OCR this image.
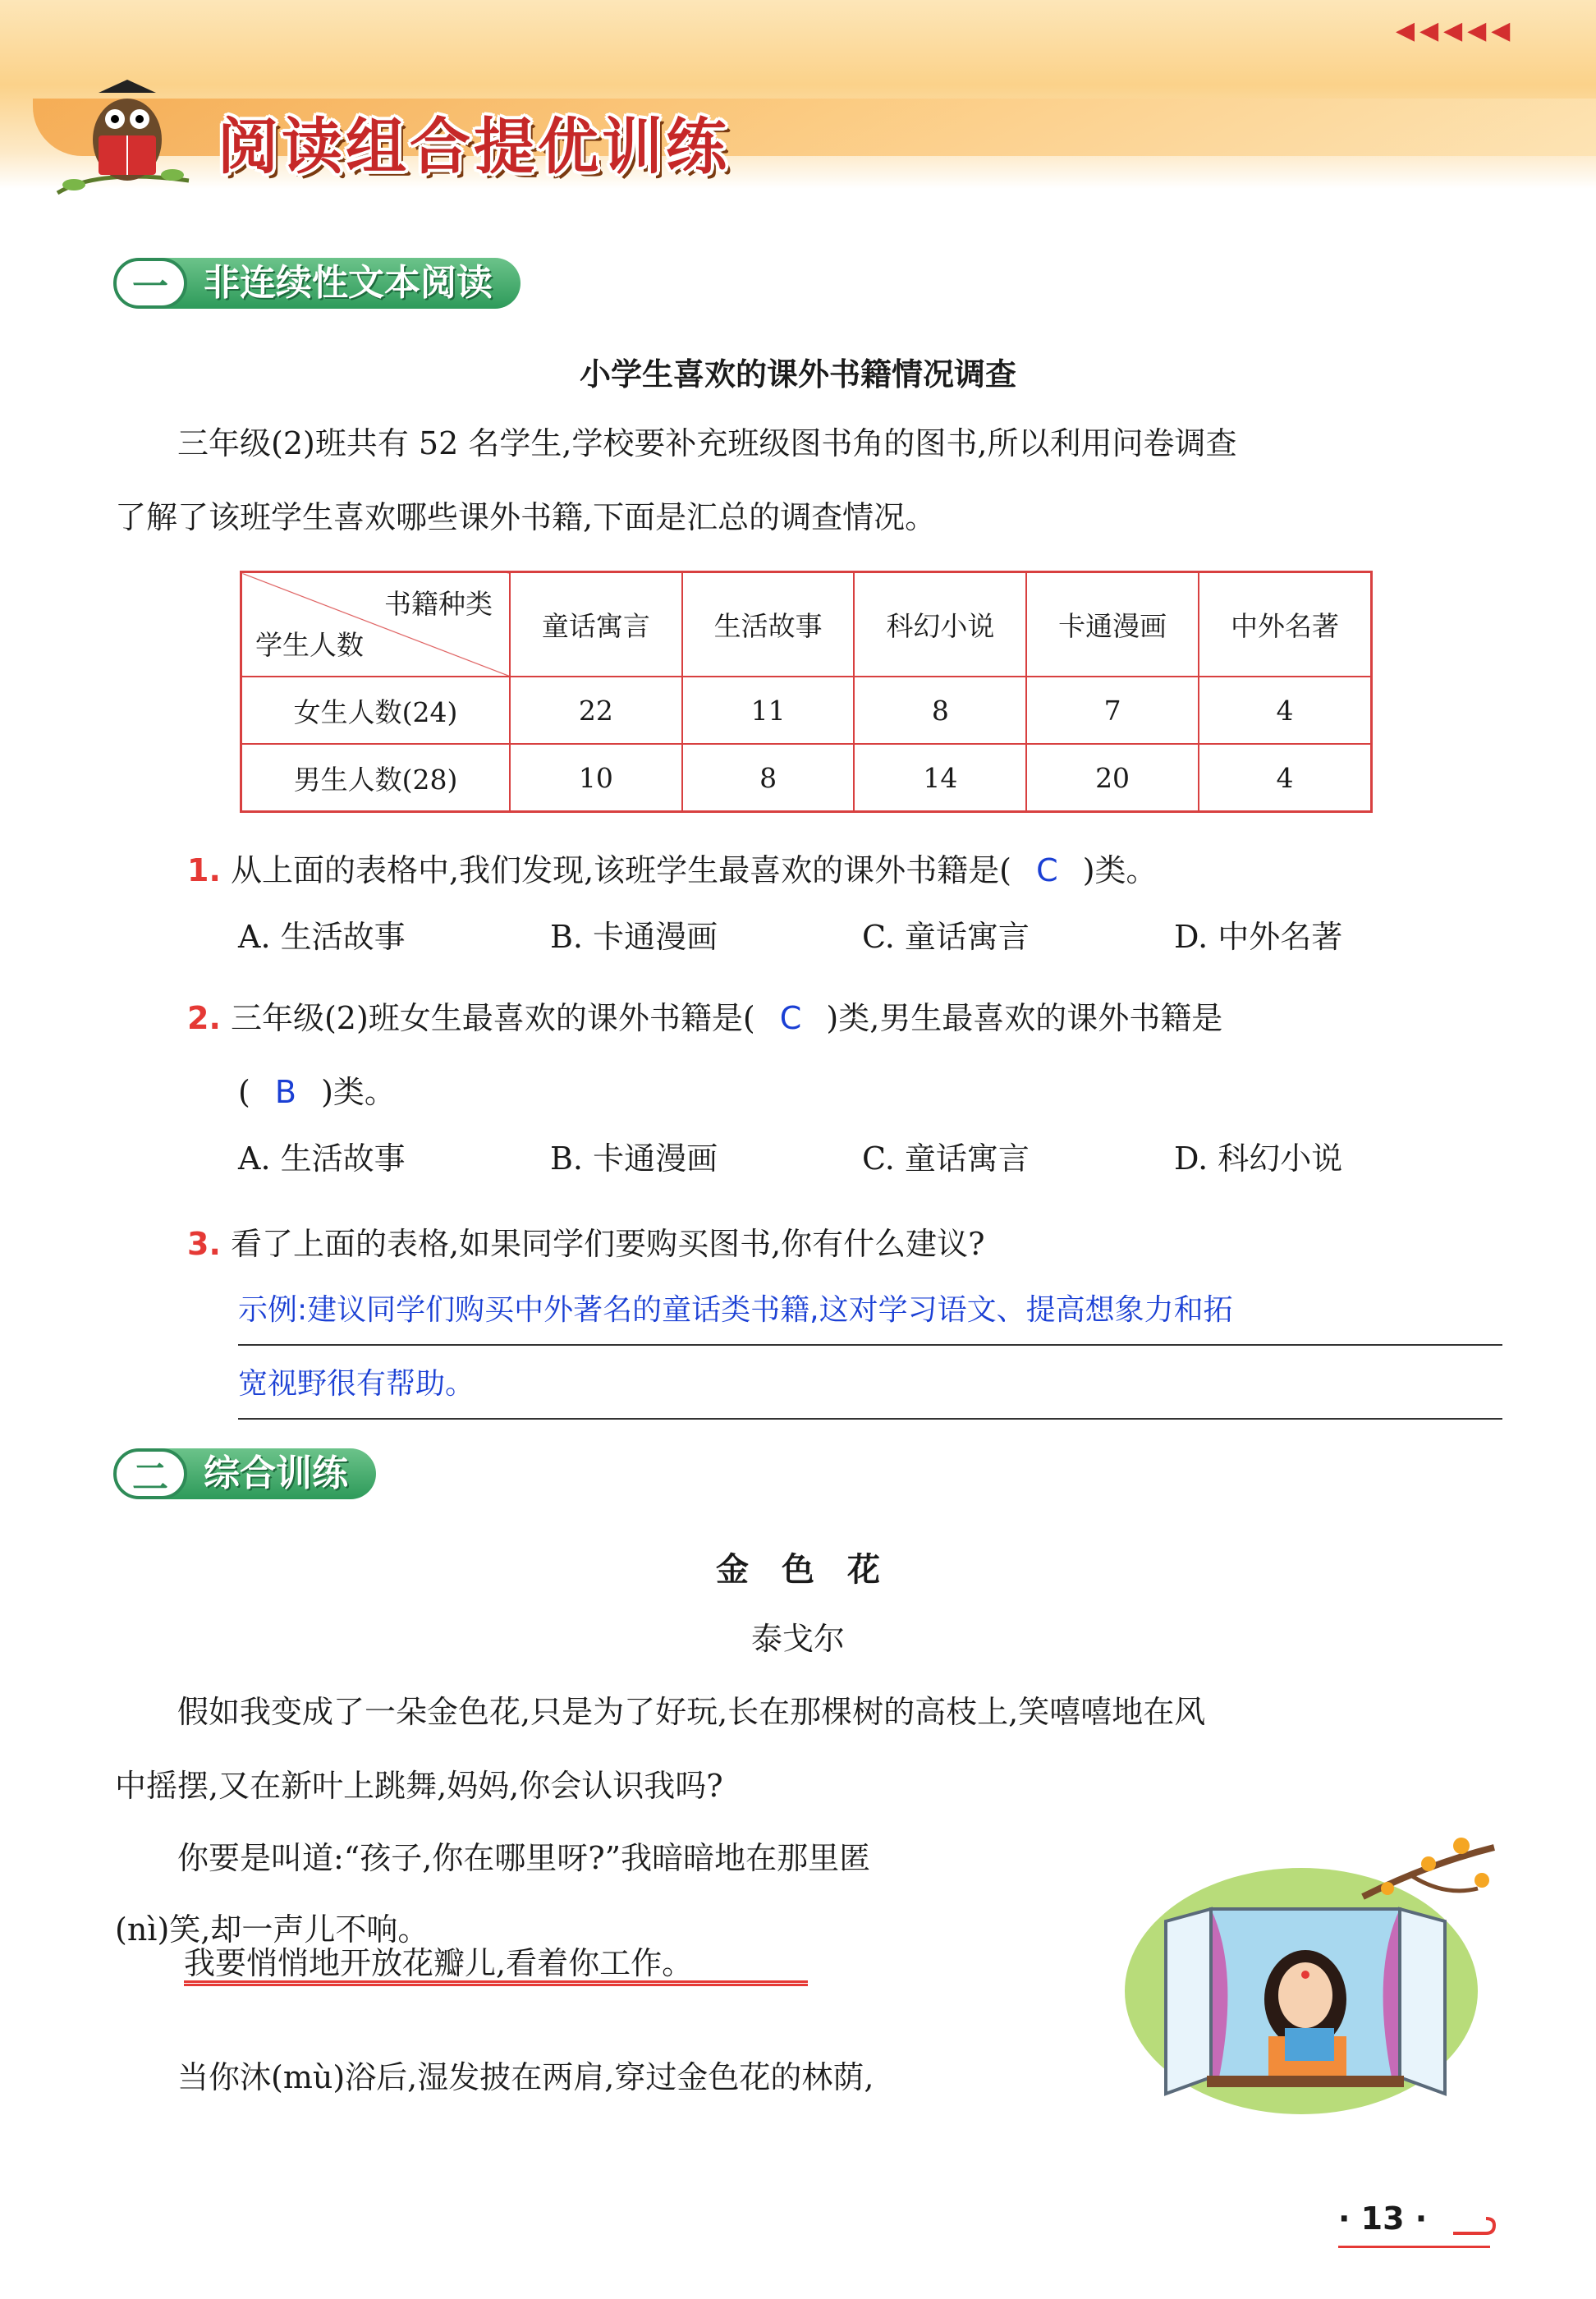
◀◀◀◀◀
阅读组合提优训练
一 非连续性文本阅读
小学生喜欢的课外书籍情况调查
三年级(2)班共有 52 名学生,学校要补充班级图书角的图书,所以利用问卷调查
了解了该班学生喜欢哪些课外书籍,下面是汇总的调查情况。
书籍种类
学生人数	童话寓言	生活故事	科幻小说	卡通漫画	中外名著
女生人数(24)	22	11	8	7	4
男生人数(28)	10	8	14	20	4
1. 从上面的表格中,我们发现,该班学生最喜欢的课外书籍是( C )类。
A. 生活故事	B. 卡通漫画	C. 童话寓言	D. 中外名著
2. 三年级(2)班女生最喜欢的课外书籍是( C )类,男生最喜欢的课外书籍是
( B )类。
A. 生活故事	B. 卡通漫画	C. 童话寓言	D. 科幻小说
3. 看了上面的表格,如果同学们要购买图书,你有什么建议?
示例:建议同学们购买中外著名的童话类书籍,这对学习语文、提高想象力和拓
宽视野很有帮助。
二 综合训练
金　色　花
泰戈尔
假如我变成了一朵金色花,只是为了好玩,长在那棵树的高枝上,笑嘻嘻地在风
中摇摆,又在新叶上跳舞,妈妈,你会认识我吗?
你要是叫道:“孩子,你在哪里呀?”我暗暗地在那里匿
(nì)笑,却一声儿不响。
我要悄悄地开放花瓣儿,看着你工作。
当你沐(mù)浴后,湿发披在两肩,穿过金色花的林荫,
· 13 ·
